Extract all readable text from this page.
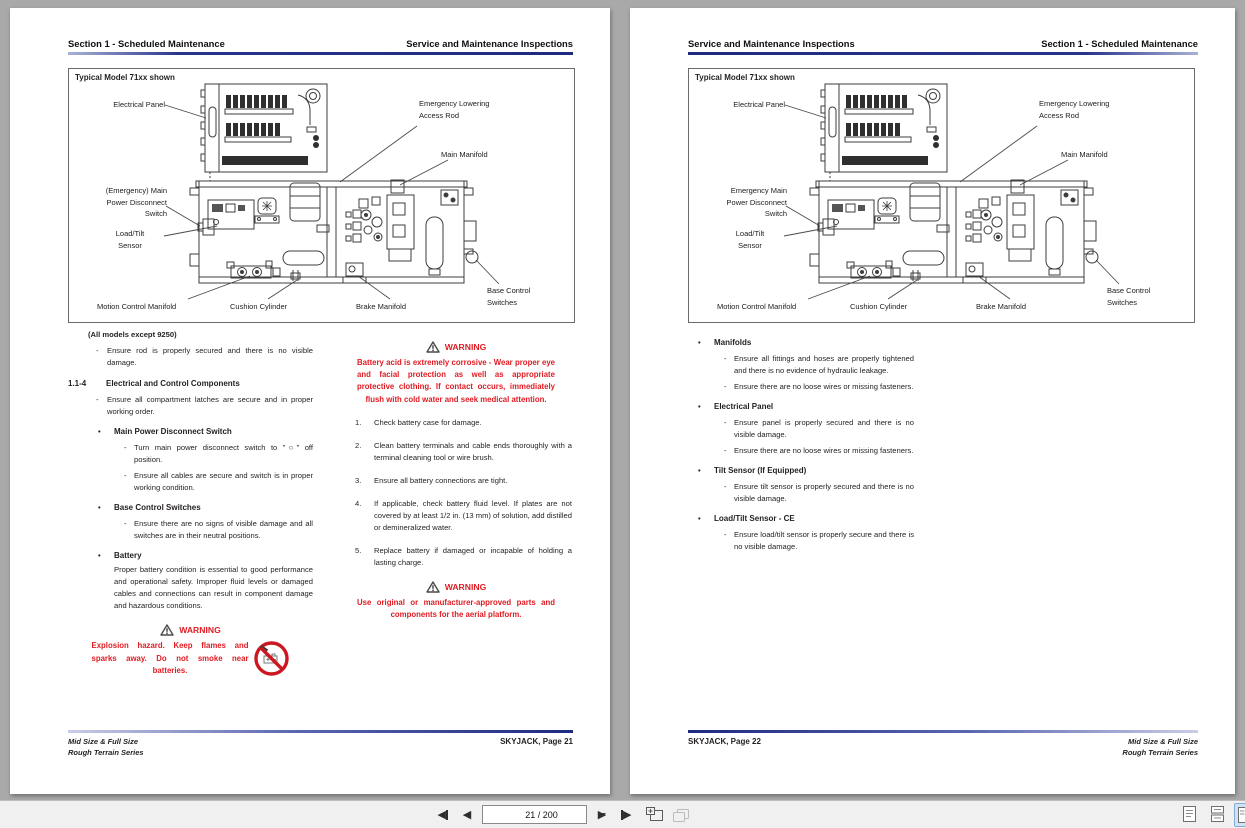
Section 1 - Scheduled Maintenance	Service and Maintenance Inspections
Typical Model 71xx shown
Electrical Panel	Emergency Lowering
Access Rod
Main Manifold
(Emergency) Main
Power Disconnect
Switch
Load/Tilt
Sensor
Motion Control Manifold	Cushion Cylinder	Brake Manifold
Base Control
Switches
(All models except 9250)
-	Ensure rod is properly secured and there is no visible damage.
1.1-4	Electrical and Control Components
-	Ensure all compartment latches are secure and in proper working order.
•	Main Power Disconnect Switch
- Turn main power disconnect switch to "○" off position.
- Ensure all cables are secure and switch is in proper working condition.
•	Base Control Switches
- Ensure there are no signs of visible damage and all switches are in their neutral positions.
•	Battery
Proper battery condition is essential to good performance and operational safety. Improper fluid levels or damaged cables and connections can result in component damage and hazardous conditions.
WARNING
Explosion hazard. Keep flames and sparks away. Do not smoke near batteries.
WARNING
Battery acid is extremely corrosive - Wear proper eye and facial protection as well as appropriate protective clothing. If contact occurs, immediately flush with cold water and seek medical attention.
1.	Check battery case for damage.
2.	Clean battery terminals and cable ends thoroughly with a terminal cleaning tool or wire brush.
3.	Ensure all battery connections are tight.
4.	If applicable, check battery fluid level. If plates are not covered by at least 1/2 in. (13 mm) of solution, add distilled or demineralized water.
5.	Replace battery if damaged or incapable of holding a lasting charge.
WARNING
Use original or manufacturer-approved parts and components for the aerial platform.
Mid Size & Full Size
Rough Terrain Series
SKYJACK, Page 21
Service and Maintenance Inspections	Section 1 - Scheduled Maintenance
Typical Model 71xx shown
Electrical Panel	Emergency Lowering
Access Rod
Main Manifold
Emergency Main
Power Disconnect
Switch
Load/Tilt
Sensor
Motion Control Manifold	Cushion Cylinder	Brake Manifold
Base Control
Switches
•	Manifolds
- Ensure all fittings and hoses are properly tightened and there is no evidence of hydraulic leakage.
- Ensure there are no loose wires or missing fasteners.
•	Electrical Panel
- Ensure panel is properly secured and there is no visible damage.
- Ensure there are no loose wires or missing fasteners.
•	Tilt Sensor (If Equipped)
- Ensure tilt sensor is properly secured and there is no visible damage.
•	Load/Tilt Sensor - CE
- Ensure load/tilt sensor is properly secure and there is no visible damage.
SKYJACK, Page 22	Mid Size & Full Size
Rough Terrain Series
◀ ◀
21 / 200	▶ ▶
